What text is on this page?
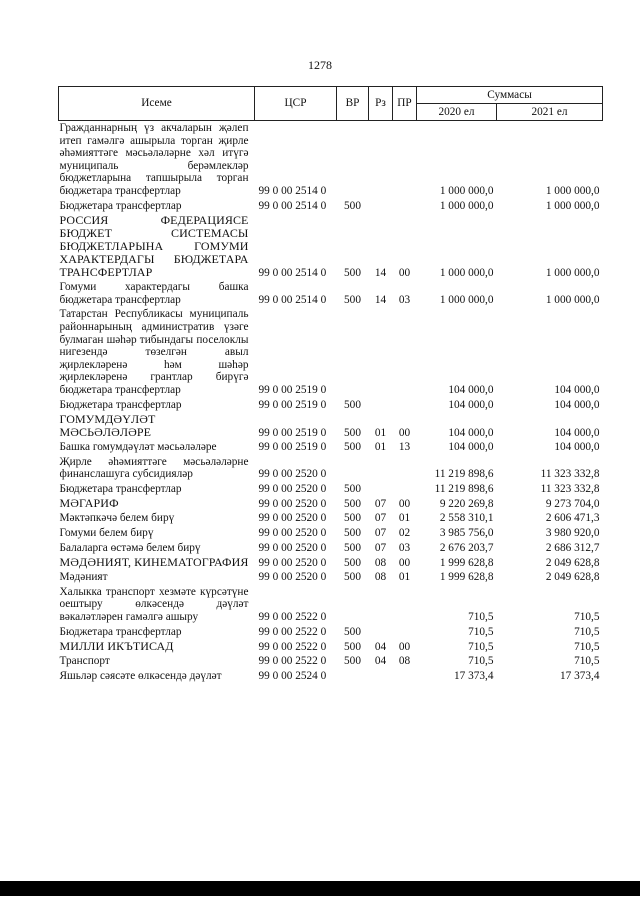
1278
Исеме	ЦСР	ВР	Рз	ПР	Суммасы	
					2020 ел	2021 ел
Гражданнарның үз акчаларын җәлеп итеп гамәлгә ашырыла торган җирле әһәмияттәге мәсьәләләрне хәл итүгә муниципаль берәмлекләр бюджетларына тапшырыла торган бюджетара трансфертлар	99 0 00 2514 0				1 000 000,0	1 000 000,0
Бюджетара трансфертлар	99 0 00 2514 0	500			1 000 000,0	1 000 000,0
РОССИЯ ФЕДЕРАЦИЯСЕ БЮДЖЕТ СИСТЕМАСЫ БЮДЖЕТЛАРЫНА ГОМУМИ ХАРАКТЕРДАГЫ БЮДЖЕТАРА ТРАНСФЕРТЛАР	99 0 00 2514 0	500	14	00	1 000 000,0	1 000 000,0
Гомуми характердагы башка бюджетара трансфертлар	99 0 00 2514 0	500	14	03	1 000 000,0	1 000 000,0
Татарстан Республикасы муниципаль районнарының административ үзәге булмаган шәһәр тибындагы поселоклы нигезендә төзелгән авыл җирлекләренә һәм шәһәр җирлекләренә грантлар бирүгә бюджетара трансфертлар	99 0 00 2519 0				104 000,0	104 000,0
Бюджетара трансфертлар	99 0 00 2519 0	500			104 000,0	104 000,0
ГОМУМДӘҮЛӘТ МӘСЬӘЛӘЛӘРЕ	99 0 00 2519 0	500	01	00	104 000,0	104 000,0
Башка гомумдәүләт мәсьәләләре	99 0 00 2519 0	500	01	13	104 000,0	104 000,0
Җирле әһәмияттәге мәсьәләләрне финанслашуга субсидияләр	99 0 00 2520 0				11 219 898,6	11 323 332,8
Бюджетара трансфертлар	99 0 00 2520 0	500			11 219 898,6	11 323 332,8
МӘГАРИФ	99 0 00 2520 0	500	07	00	9 220 269,8	9 273 704,0
Мәктәпкәчә белем бирү	99 0 00 2520 0	500	07	01	2 558 310,1	2 606 471,3
Гомуми белем бирү	99 0 00 2520 0	500	07	02	3 985 756,0	3 980 920,0
Балаларга өстәмә белем бирү	99 0 00 2520 0	500	07	03	2 676 203,7	2 686 312,7
МӘДӘНИЯТ, КИНЕМАТОГРАФИЯ	99 0 00 2520 0	500	08	00	1 999 628,8	2 049 628,8
Мәдәният	99 0 00 2520 0	500	08	01	1 999 628,8	2 049 628,8
Халыкка транспорт хезмәте күрсәтүне оештыру өлкәсендә дәүләт вәкаләтләрен гамәлгә ашыру	99 0 00 2522 0				710,5	710,5
Бюджетара трансфертлар	99 0 00 2522 0	500			710,5	710,5
МИЛЛИ ИКЪТИСАД	99 0 00 2522 0	500	04	00	710,5	710,5
Транспорт	99 0 00 2522 0	500	04	08	710,5	710,5
Яшьләр сәясәте өлкәсендә дәүләт	99 0 00 2524 0				17 373,4	17 373,4
